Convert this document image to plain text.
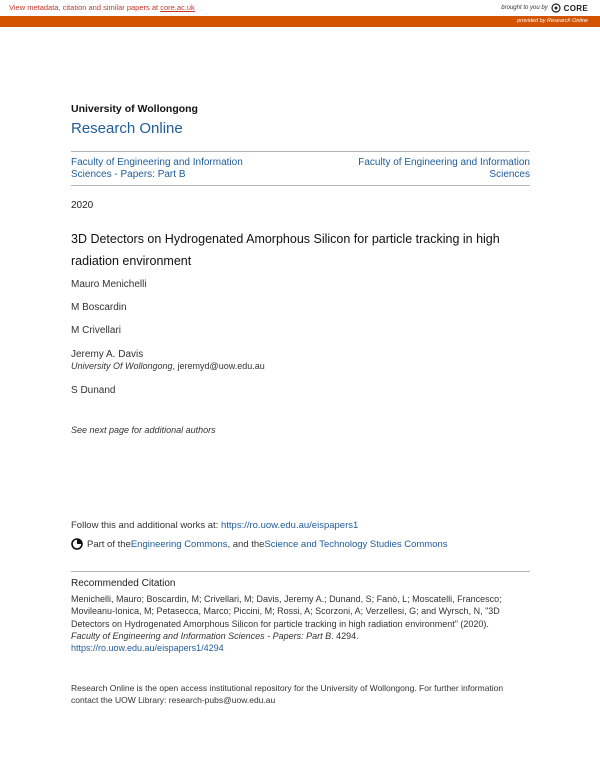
View metadata, citation and similar papers at core.ac.uk	brought to you by CORE
provided by Research Online
University of Wollongong
Research Online
Faculty of Engineering and Information Sciences - Papers: Part B
Faculty of Engineering and Information Sciences
2020
3D Detectors on Hydrogenated Amorphous Silicon for particle tracking in high radiation environment
Mauro Menichelli
M Boscardin
M Crivellari
Jeremy A. Davis
University Of Wollongong, jeremyd@uow.edu.au
S Dunand
See next page for additional authors
Follow this and additional works at: https://ro.uow.edu.au/eispapers1
Part of the Engineering Commons , and the Science and Technology Studies Commons
Recommended Citation
Menichelli, Mauro; Boscardin, M; Crivellari, M; Davis, Jeremy A.; Dunand, S; Fanò, L; Moscatelli, Francesco; Movileanu-Ionica, M; Petasecca, Marco; Piccini, M; Rossi, A; Scorzoni, A; Verzellesi, G; and Wyrsch, N, "3D Detectors on Hydrogenated Amorphous Silicon for particle tracking in high radiation environment" (2020).
Faculty of Engineering and Information Sciences - Papers: Part B. 4294.
https://ro.uow.edu.au/eispapers1/4294
Research Online is the open access institutional repository for the University of Wollongong. For further information contact the UOW Library: research-pubs@uow.edu.au
